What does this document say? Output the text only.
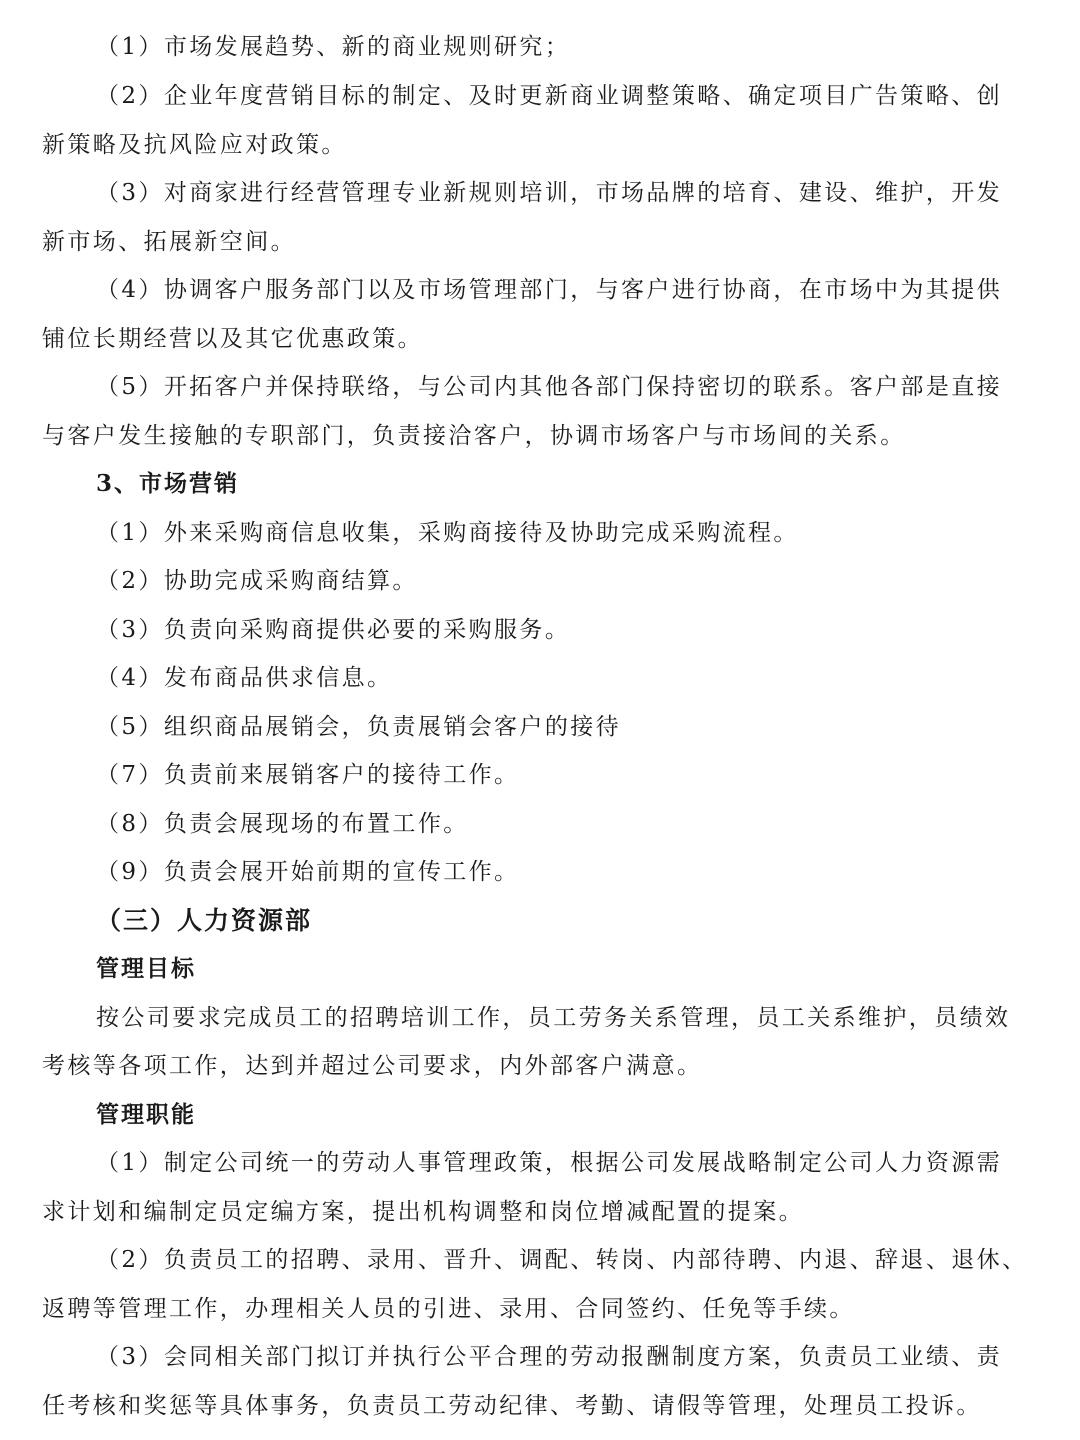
（1）市场发展趋势、新的商业规则研究；
（2）企业年度营销目标的制定、及时更新商业调整策略、确定项目广告策略、创
新策略及抗风险应对政策。
（3）对商家进行经营管理专业新规则培训，市场品牌的培育、建设、维护，开发
新市场、拓展新空间。
（4）协调客户服务部门以及市场管理部门，与客户进行协商，在市场中为其提供
铺位长期经营以及其它优惠政策。
（5）开拓客户并保持联络，与公司内其他各部门保持密切的联系。客户部是直接
与客户发生接触的专职部门，负责接洽客户，协调市场客户与市场间的关系。
3、市场营销
（1）外来采购商信息收集，采购商接待及协助完成采购流程。
（2）协助完成采购商结算。
（3）负责向采购商提供必要的采购服务。
（4）发布商品供求信息。
（5）组织商品展销会，负责展销会客户的接待
（7）负责前来展销客户的接待工作。
（8）负责会展现场的布置工作。
（9）负责会展开始前期的宣传工作。
（三）人力资源部
管理目标
按公司要求完成员工的招聘培训工作，员工劳务关系管理，员工关系维护，员绩效
考核等各项工作，达到并超过公司要求，内外部客户满意。
管理职能
（1）制定公司统一的劳动人事管理政策，根据公司发展战略制定公司人力资源需
求计划和编制定员定编方案，提出机构调整和岗位增减配置的提案。
（2）负责员工的招聘、录用、晋升、调配、转岗、内部待聘、内退、辞退、退休、
返聘等管理工作，办理相关人员的引进、录用、合同签约、任免等手续。
（3）会同相关部门拟订并执行公平合理的劳动报酬制度方案，负责员工业绩、责
任考核和奖惩等具体事务，负责员工劳动纪律、考勤、请假等管理，处理员工投诉。
